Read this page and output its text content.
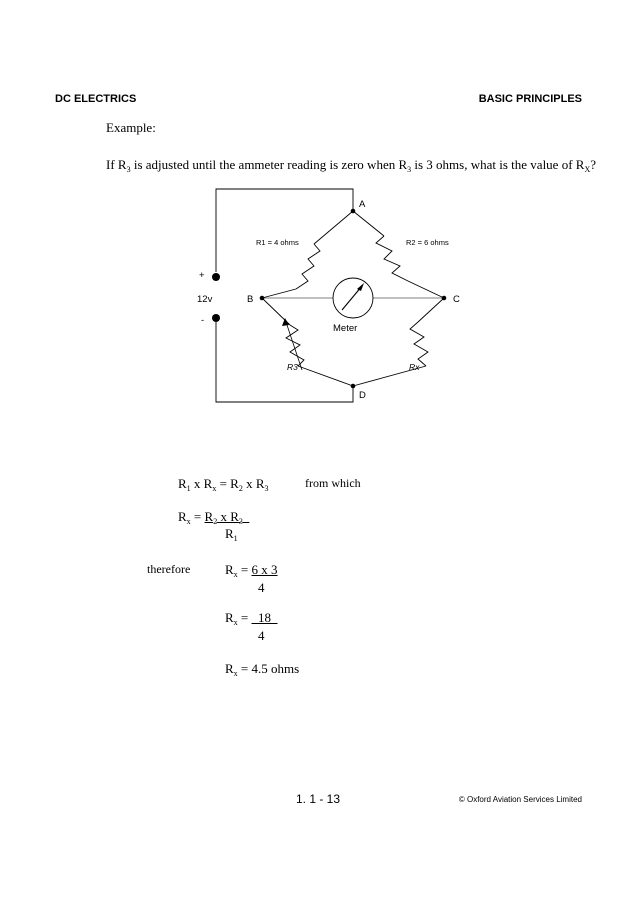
DC ELECTRICS	BASIC PRINCIPLES
Example:
If $R_3$ is adjusted until the ammeter reading is zero when $R_3$ is 3 ohms, what is the value of $R_X$?
A
B	C
D
R1 = 4 ohms	R2 = 6 ohms
R3	Rx
Meter
12v
+
-
$R_1$ x $R_x = R_2$ x $R_3$	from which
$R_x = R_2$ x $R_3$ 
$R_1$
therefore	$R_x = 6$ x 3
4
$R_x$ =  18 
4
$R_x = 4.5$ ohms
1. 1 - 13	© Oxford Aviation Services Limited
